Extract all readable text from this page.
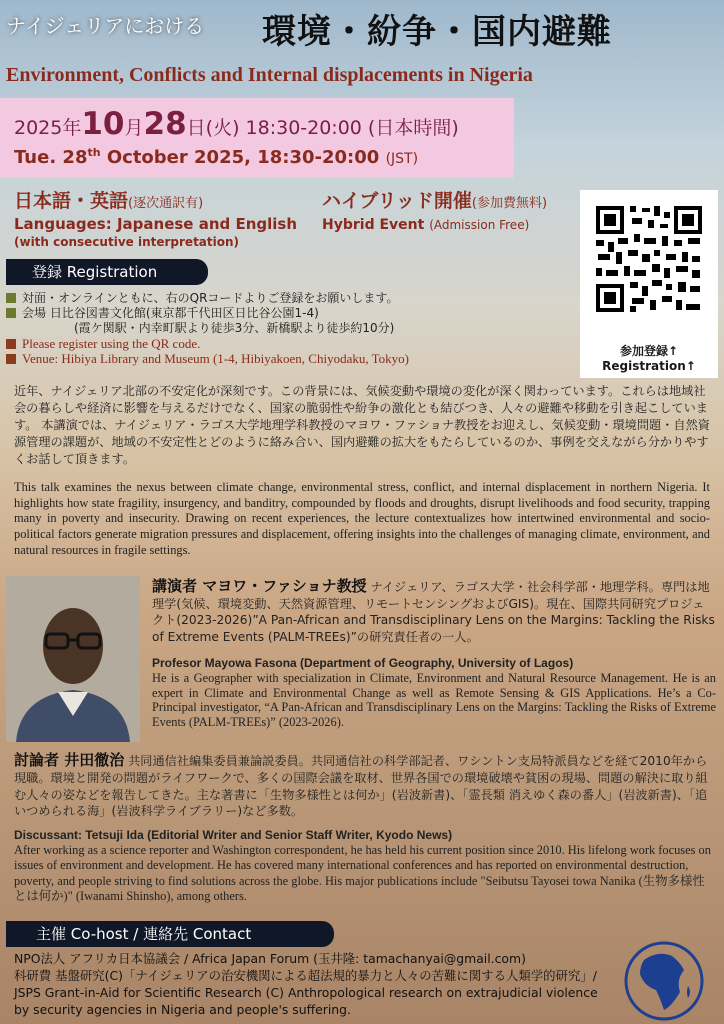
ナイジェリアにおける 環境・紛争・国内避難
Environment, Conflicts and Internal displacements in Nigeria
2025年10月28日(火) 18:30-20:00 (日本時間)
Tue. 28th October 2025, 18:30-20:00 (JST)
日本語・英語(逐次通訳有)
Languages: Japanese and English
(with consecutive interpretation)
ハイブリッド開催(参加費無料)
Hybrid Event (Admission Free)
参加登録↑
Registration↑
登録 Registration
対面・オンラインともに、右のQRコードよりご登録をお願いします。
会場 日比谷図書文化館(東京都千代田区日比谷公園1-4)
(霞ケ関駅・内幸町駅より徒歩3分、新橋駅より徒歩約10分)
Please register using the QR code.
Venue: Hibiya Library and Museum (1-4, Hibiyakoen, Chiyodaku, Tokyo)
近年、ナイジェリア北部の不安定化が深刻です。この背景には、気候変動や環境の変化が深く関わっています。これらは地域社会の暮らしや経済に影響を与えるだけでなく、国家の脆弱性や紛争の激化とも結びつき、人々の避難や移動を引き起こしています。 本講演では、ナイジェリア・ラゴス大学地理学科教授のマヨワ・ファショナ教授をお迎えし、気候変動・環境問題・自然資源管理の課題が、地域の不安定性とどのように絡み合い、国内避難の拡大をもたらしているのか、事例を交えながら分かりやすくお話して頂きます。
This talk examines the nexus between climate change, environmental stress, conflict, and internal displacement in northern Nigeria. It highlights how state fragility, insurgency, and banditry, compounded by floods and droughts, disrupt livelihoods and food security, trapping many in poverty and insecurity. Drawing on recent experiences, the lecture contextualizes how intertwined environmental and socio-political factors generate migration pressures and displacement, offering insights into the challenges of managing climate, environment, and natural resources in fragile settings.
講演者 マヨワ・ファショナ教授 ナイジェリア、ラゴス大学・社会科学部・地理学科。専門は地理学(気候、環境変動、天然資源管理、リモートセンシングおよびGIS)。現在、国際共同研究プロジェクト(2023-2026)”A Pan-African and Transdisciplinary Lens on the Margins: Tackling the Risks of Extreme Events (PALM-TREEs)”の研究責任者の一人。
Profesor Mayowa Fasona (Department of Geography, University of Lagos)
He is a Geographer with specialization in Climate, Environment and Natural Resource Management. He is an expert in Climate and Environmental Change as well as Remote Sensing & GIS Applications. He’s a Co-Principal investigator, “A Pan-African and Transdisciplinary Lens on the Margins: Tackling the Risks of Extreme Events (PALM-TREEs)” (2023-2026).
討論者 井田徹治 共同通信社編集委員兼論説委員。共同通信社の科学部記者、ワシントン支局特派員などを経て2010年から現職。環境と開発の問題がライフワークで、多くの国際会議を取材、世界各国での環境破壊や貧困の現場、問題の解決に取り組む人々の姿などを報告してきた。主な著書に「生物多様性とは何か」(岩波新書)、「霊長類 消えゆく森の番人」(岩波新書)、「追いつめられる海」(岩波科学ライブラリー)など多数。
Discussant: Tetsuji Ida (Editorial Writer and Senior Staff Writer, Kyodo News)
After working as a science reporter and Washington correspondent, he has held his current position since 2010. His lifelong work focuses on issues of environment and development. He has covered many international conferences and has reported on environmental destruction, poverty, and people striving to find solutions across the globe. His major publications include "Seibutsu Tayosei towa Nanika (生物多様性とは何か)" (Iwanami Shinsho), among others.
主催 Co-host / 連絡先 Contact
NPO法人 アフリカ日本協議会 / Africa Japan Forum (玉井隆: tamachanyai@gmail.com)
科研費 基盤研究(C)「ナイジェリアの治安機関による超法規的暴力と人々の苦難に関する人類学的研究」/ JSPS Grant-in-Aid for Scientific Research (C) Anthropological research on extrajudicial violence by security agencies in Nigeria and people's suffering.
